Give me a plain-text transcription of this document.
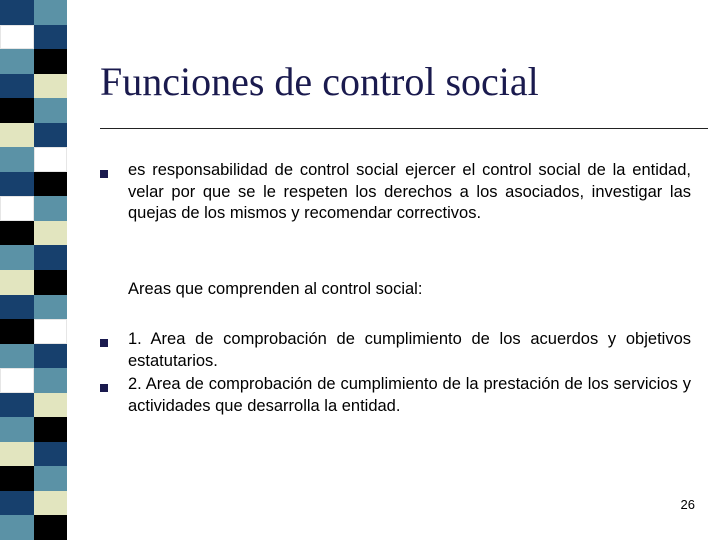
Funciones de control social

es responsabilidad de control social ejercer el control social de la entidad, velar por que se le respeten los derechos a los asociados, investigar las quejas de los mismos y recomendar correctivos.

Areas que comprenden al control social:

1. Area de comprobación de cumplimiento de los acuerdos y objetivos estatutarios.

2. Area de comprobación de cumplimiento de la prestación de los servicios y actividades que desarrolla la entidad.

26
